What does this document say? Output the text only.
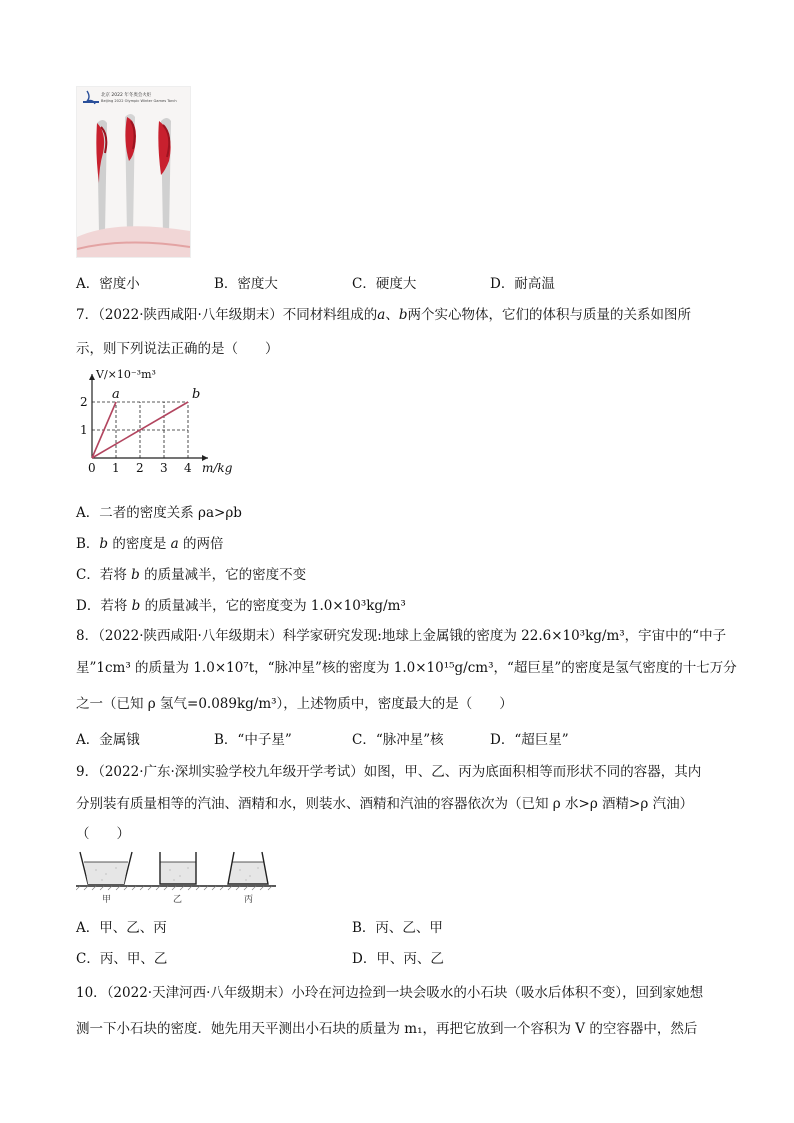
北京 2022 年冬奥会火炬
Beijing 2022 Olympic Winter Games Torch
A．密度小	B．密度大	C．硬度大	D．耐高温
7．（2022·陕西咸阳·八年级期末）不同材料组成的a、b两个实心物体，它们的体积与质量的关系如图所
示，则下列说法正确的是（　　）
a	b
0 1 2 3 4
1
2
V/×10⁻³m³
m/kg
A．二者的密度关系 ρa>ρb
B．b 的密度是 a 的两倍
C．若将 b 的质量减半，它的密度不变
D．若将 b 的质量减半，它的密度变为 1.0×10³kg/m³
8．（2022·陕西咸阳·八年级期末）科学家研究发现:地球上金属锇的密度为 22.6×10³kg/m³，宇宙中的“中子
星”1cm³ 的质量为 1.0×10⁷t，“脉冲星”核的密度为 1.0×10¹⁵g/cm³，“超巨星”的密度是氢气密度的十七万分
之一（已知 ρ 氢气=0.089kg/m³），上述物质中，密度最大的是（　　）
A．金属锇	B．“中子星”	C．“脉冲星”核	D．“超巨星”
9．（2022·广东·深圳实验学校九年级开学考试）如图，甲、乙、丙为底面积相等而形状不同的容器，其内
分别装有质量相等的汽油、酒精和水，则装水、酒精和汽油的容器依次为（已知 ρ 水>ρ 酒精>ρ 汽油）
（　　）
甲	乙	丙
A．甲、乙、丙	B．丙、乙、甲
C．丙、甲、乙	D．甲、丙、乙
10．（2022·天津河西·八年级期末）小玲在河边捡到一块会吸水的小石块（吸水后体积不变），回到家她想
测一下小石块的密度．她先用天平测出小石块的质量为 m₁，再把它放到一个容积为 V 的空容器中，然后
